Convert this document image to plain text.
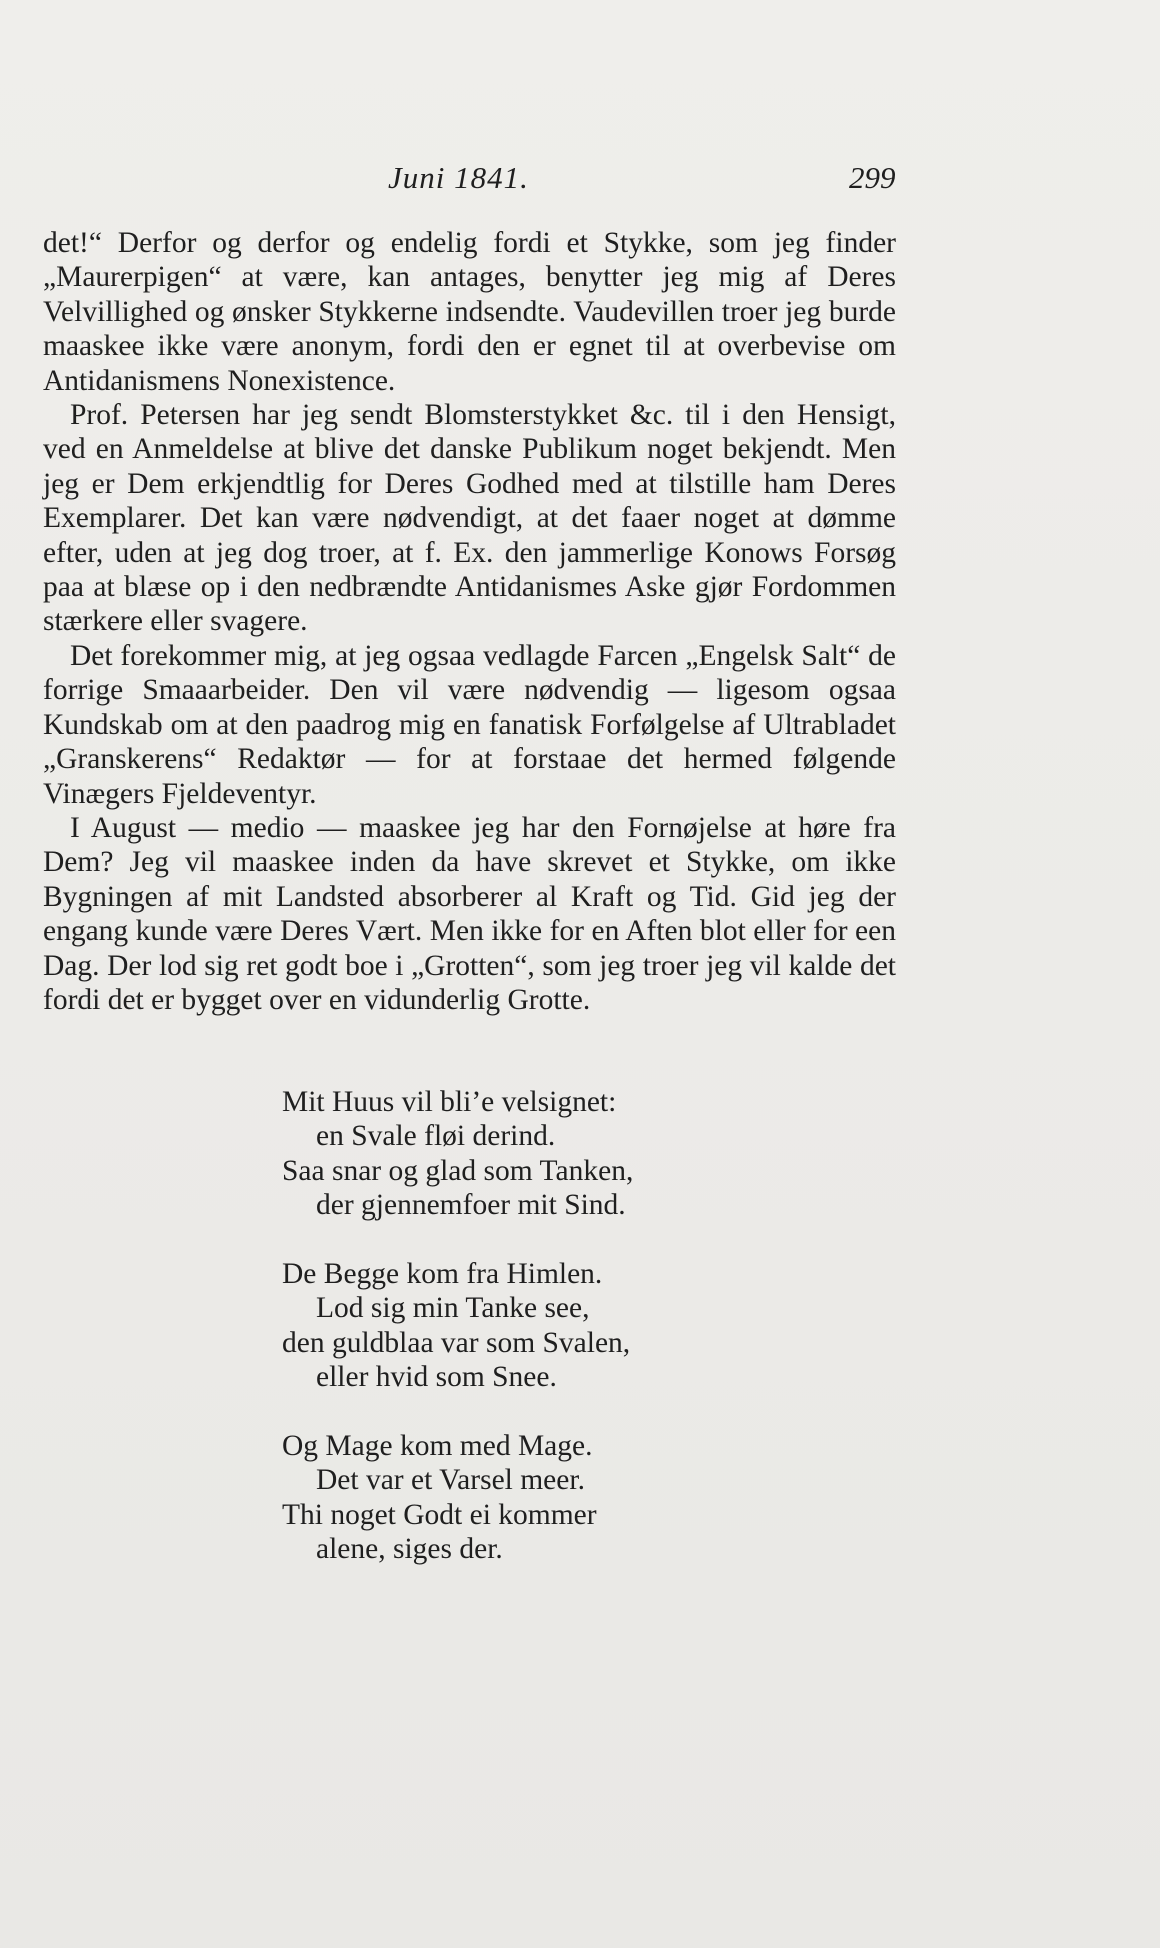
Juni 1841.	299

det!“ Derfor og derfor og endelig fordi et Stykke, som jeg finder „Maurerpigen“ at være, kan antages, benytter jeg mig af Deres Velvillighed og ønsker Stykkerne indsendte. Vaudevillen troer jeg burde maaskee ikke være anonym, fordi den er egnet til at overbevise om Antidanismens Nonexistence.

Prof. Petersen har jeg sendt Blomsterstykket &c. til i den Hensigt, ved en Anmeldelse at blive det danske Publikum noget bekjendt. Men jeg er Dem erkjendtlig for Deres Godhed med at tilstille ham Deres Exemplarer. Det kan være nødvendigt, at det faaer noget at dømme efter, uden at jeg dog troer, at f. Ex. den jammerlige Konows Forsøg paa at blæse op i den nedbrændte Antidanismes Aske gjør Fordommen stærkere eller svagere.

Det forekommer mig, at jeg ogsaa vedlagde Farcen „Engelsk Salt“ de forrige Smaaarbeider. Den vil være nødvendig — ligesom ogsaa Kundskab om at den paadrog mig en fanatisk Forfølgelse af Ultrabladet „Granskerens“ Redaktør — for at forstaae det hermed følgende Vinægers Fjeldeventyr.

I August — medio — maaskee jeg har den Fornøjelse at høre fra Dem? Jeg vil maaskee inden da have skrevet et Stykke, om ikke Bygningen af mit Landsted absorberer al Kraft og Tid. Gid jeg der engang kunde være Deres Vært. Men ikke for en Aften blot eller for een Dag. Der lod sig ret godt boe i „Grotten“, som jeg troer jeg vil kalde det fordi det er bygget over en vidunderlig Grotte.

Mit Huus vil bli’e velsignet:
en Svale fløi derind.
Saa snar og glad som Tanken,
der gjennemfoer mit Sind.
De Begge kom fra Himlen.
Lod sig min Tanke see,
den guldblaa var som Svalen,
eller hvid som Snee.
Og Mage kom med Mage.
Det var et Varsel meer.
Thi noget Godt ei kommer
alene, siges der.
